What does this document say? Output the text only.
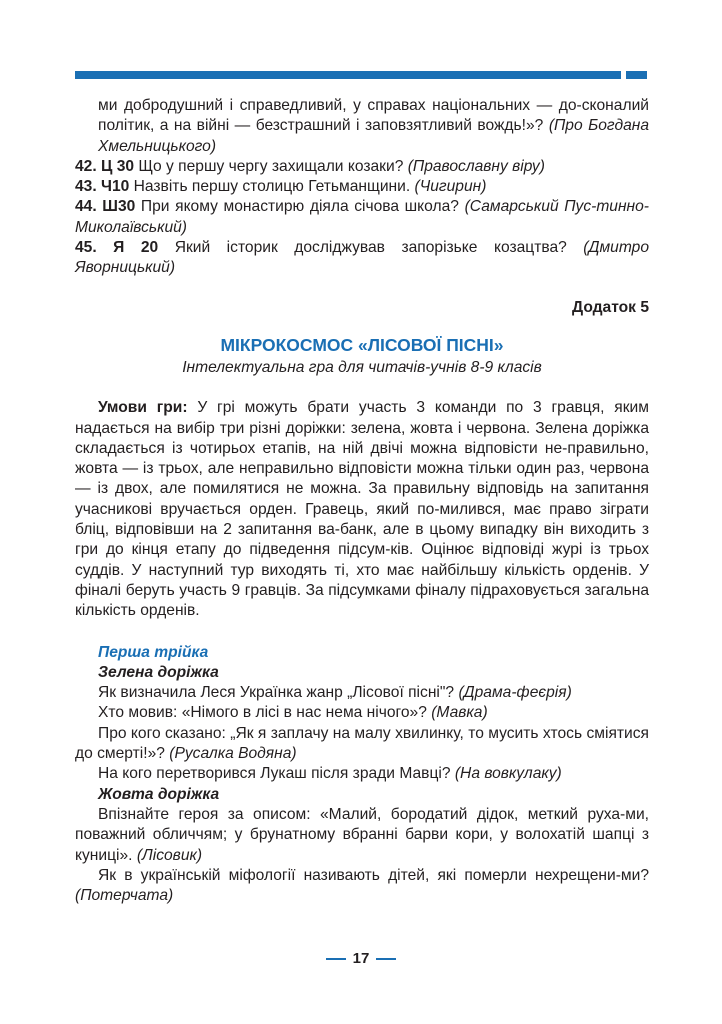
ми добродушний і справедливий, у справах національних — до-сконалий політик, а на війні — безстрашний і заповзятливий вождь!»? (Про Богдана Хмельницького)

42. Ц 30 Що у першу чергу захищали козаки? (Православну віру)

43. Ч10 Назвіть першу столицю Гетьманщини. (Чигирин)

44. Ш30 При якому монастирю діяла січова школа? (Самарський Пус-тинно-Миколаївський)

45. Я 20 Який історик досліджував запорізьке козацтва? (Дмитро Яворницький)

Додаток 5

МІКРОКОСМОС «ЛІСОВОЇ ПІСНІ»

Інтелектуальна гра для читачів-учнів 8-9 класів

Умови гри: У грі можуть брати участь 3 команди по 3 гравця, яким надається на вибір три різні доріжки: зелена, жовта і червона. Зелена доріжка складається із чотирьох етапів, на ній двічі можна відповісти не-правильно, жовта — із трьох, але неправильно відповісти можна тільки один раз, червона — із двох, але помилятися не можна. За правильну відповідь на запитання учасникові вручається орден. Гравець, який по-милився, має право зіграти бліц, відповівши на 2 запитання ва-банк, але в цьому випадку він виходить з гри до кінця етапу до підведення підсум-ків. Оцінює відповіді журі із трьох суддів. У наступний тур виходять ті, хто має найбільшу кількість орденів. У фіналі беруть участь 9 гравців. За підсумками фіналу підраховується загальна кількість орденів.

Перша трійка

Зелена доріжка

Як визначила Леся Українка жанр „Лісової пісні"? (Драма-феєрія)

Хто мовив: «Німого в лісі в нас нема нічого»? (Мавка)

Про кого сказано: „Як я заплачу на малу хвилинку, то мусить хтось сміятися до смерті!»? (Русалка Водяна)

На кого перетворився Лукаш після зради Мавці? (На вовкулаку)

Жовта доріжка

Впізнайте героя за описом: «Малий, бородатий дідок, меткий руха-ми, поважний обличчям; у брунатному вбранні барви кори, у волохатій шапці з куниці». (Лісовик)

Як в українській міфології називають дітей, які померли нехрещени-ми? (Потерчата)

17
